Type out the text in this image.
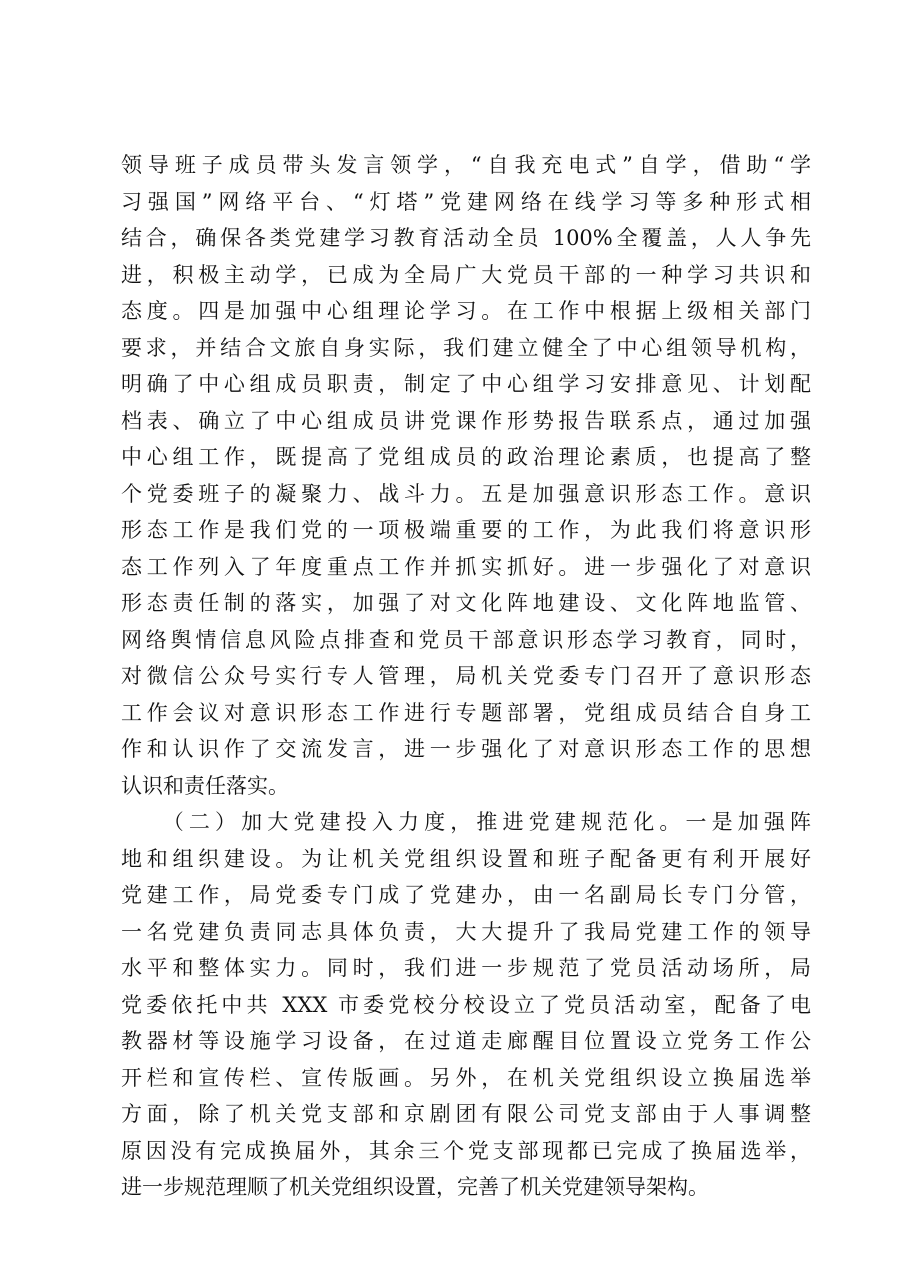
领导班子成员带头发言领学，“自我充电式”自学，借助“学
习强国”网络平台、“灯塔”党建网络在线学习等多种形式相
结合，确保各类党建学习教育活动全员 100%全覆盖，人人争先
进，积极主动学，已成为全局广大党员干部的一种学习共识和
态度。四是加强中心组理论学习。在工作中根据上级相关部门
要求，并结合文旅自身实际，我们建立健全了中心组领导机构，
明确了中心组成员职责，制定了中心组学习安排意见、计划配
档表、确立了中心组成员讲党课作形势报告联系点，通过加强
中心组工作，既提高了党组成员的政治理论素质，也提高了整
个党委班子的凝聚力、战斗力。五是加强意识形态工作。意识
形态工作是我们党的一项极端重要的工作，为此我们将意识形
态工作列入了年度重点工作并抓实抓好。进一步强化了对意识
形态责任制的落实，加强了对文化阵地建设、文化阵地监管、
网络舆情信息风险点排查和党员干部意识形态学习教育，同时，
对微信公众号实行专人管理，局机关党委专门召开了意识形态
工作会议对意识形态工作进行专题部署，党组成员结合自身工
作和认识作了交流发言，进一步强化了对意识形态工作的思想
认识和责任落实。
　　（二）加大党建投入力度，推进党建规范化。一是加强阵
地和组织建设。为让机关党组织设置和班子配备更有利开展好
党建工作，局党委专门成了党建办，由一名副局长专门分管，
一名党建负责同志具体负责，大大提升了我局党建工作的领导
水平和整体实力。同时，我们进一步规范了党员活动场所，局
党委依托中共 XXX 市委党校分校设立了党员活动室，配备了电
教器材等设施学习设备，在过道走廊醒目位置设立党务工作公
开栏和宣传栏、宣传版画。另外，在机关党组织设立换届选举
方面，除了机关党支部和京剧团有限公司党支部由于人事调整
原因没有完成换届外，其余三个党支部现都已完成了换届选举，
进一步规范理顺了机关党组织设置，完善了机关党建领导架构。
